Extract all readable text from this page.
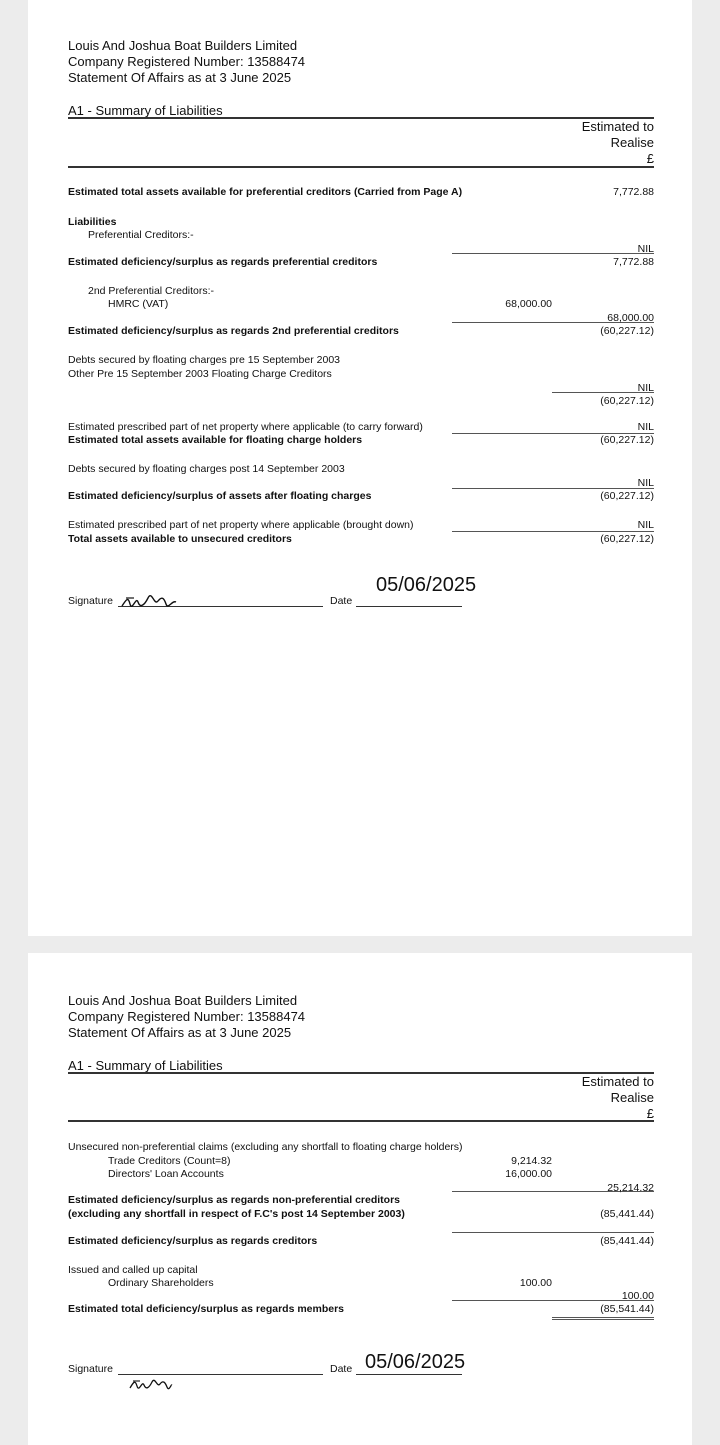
Louis And Joshua Boat Builders Limited
Company Registered Number: 13588474
Statement Of Affairs as at 3 June 2025
A1 - Summary of Liabilities
Estimated to
Realise
£
Estimated total assets available for preferential creditors (Carried from Page A)	7,772.88
Liabilities
Preferential Creditors:-
NIL
Estimated deficiency/surplus as regards preferential creditors	7,772.88
2nd Preferential Creditors:-
HMRC (VAT)	68,000.00
68,000.00
Estimated deficiency/surplus as regards 2nd preferential creditors	(60,227.12)
Debts secured by floating charges pre 15 September 2003
Other Pre 15 September 2003 Floating Charge Creditors
NIL
(60,227.12)
Estimated prescribed part of net property where applicable (to carry forward)	NIL
Estimated total assets available for floating charge holders	(60,227.12)
Debts secured by floating charges post 14 September 2003
NIL
Estimated deficiency/surplus of assets after floating charges	(60,227.12)
Estimated prescribed part of net property where applicable (brought down)	NIL
Total assets available to unsecured creditors	(60,227.12)
Signature	Date
05/06/2025
Louis And Joshua Boat Builders Limited
Company Registered Number: 13588474
Statement Of Affairs as at 3 June 2025
A1 - Summary of Liabilities
Estimated to
Realise
£
Unsecured non-preferential claims (excluding any shortfall to floating charge holders)
Trade Creditors (Count=8)	9,214.32
Directors' Loan Accounts	16,000.00
25,214.32
Estimated deficiency/surplus as regards non-preferential creditors
(excluding any shortfall in respect of F.C's post 14 September 2003)	(85,441.44)
Estimated deficiency/surplus as regards creditors	(85,441.44)
Issued and called up capital
Ordinary Shareholders	100.00
100.00
Estimated total deficiency/surplus as regards members	(85,541.44)
Signature	Date 05/06/2025
